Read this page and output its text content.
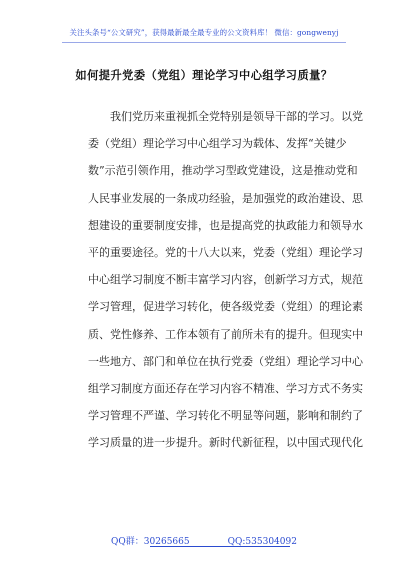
关注头条号“公文研究”，获得最新最全最专业的公文资料库！ 微信：gongwenyj
如何提升党委（党组）理论学习中心组学习质量？
我们党历来重视抓全党特别是领导干部的学习。以党
委（党组）理论学习中心组学习为载体、发挥“关键少
数”示范引领作用，推动学习型政党建设，这是推动党和
人民事业发展的一条成功经验，是加强党的政治建设、思
想建设的重要制度安排，也是提高党的执政能力和领导水
平的重要途径。党的十八大以来，党委（党组）理论学习
中心组学习制度不断丰富学习内容，创新学习方式，规范
学习管理，促进学习转化，使各级党委（党组）的理论素
质、党性修养、工作本领有了前所未有的提升。但现实中
一些地方、部门和单位在执行党委（党组）理论学习中心
组学习制度方面还存在学习内容不精准、学习方式不务实
学习管理不严谨、学习转化不明显等问题，影响和制约了
学习质量的进一步提升。新时代新征程，以中国式现代化
QQ群：30265665	QQ:535304092
